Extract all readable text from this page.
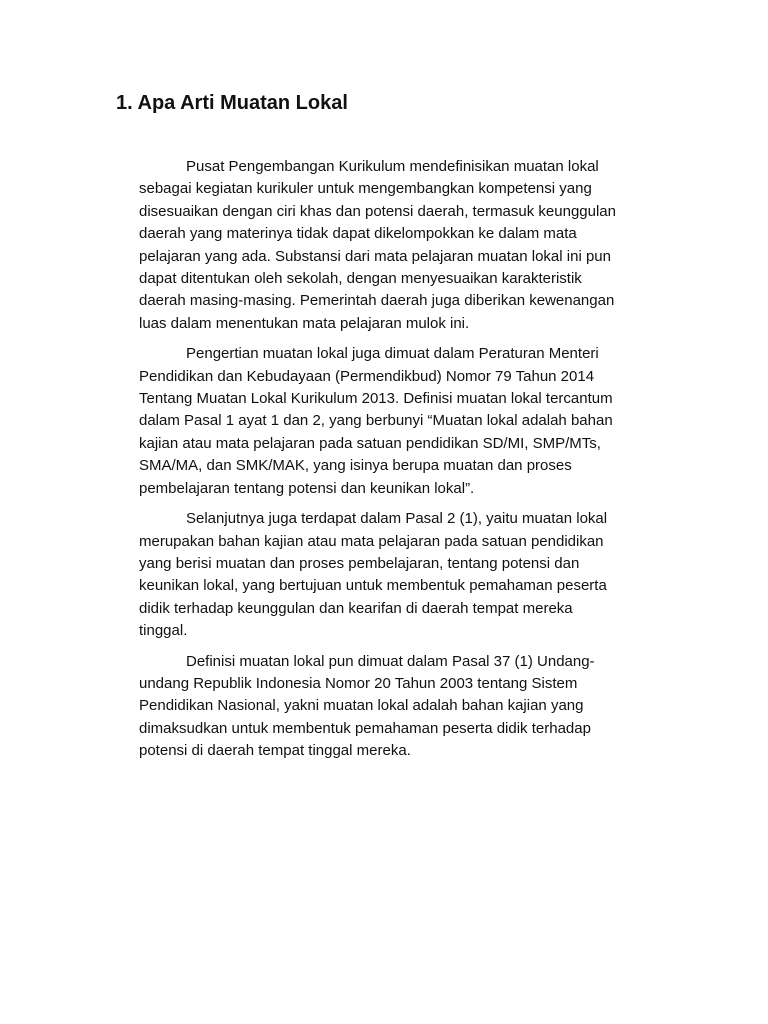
1. Apa Arti Muatan Lokal

Pusat Pengembangan Kurikulum mendefinisikan muatan lokal
sebagai kegiatan kurikuler untuk mengembangkan kompetensi yang
disesuaikan dengan ciri khas dan potensi daerah, termasuk keunggulan
daerah yang materinya tidak dapat dikelompokkan ke dalam mata
pelajaran yang ada. Substansi dari mata pelajaran muatan lokal ini pun
dapat ditentukan oleh sekolah, dengan menyesuaikan karakteristik
daerah masing-masing. Pemerintah daerah juga diberikan kewenangan
luas dalam menentukan mata pelajaran mulok ini.

Pengertian muatan lokal juga dimuat dalam Peraturan Menteri
Pendidikan dan Kebudayaan (Permendikbud) Nomor 79 Tahun 2014
Tentang Muatan Lokal Kurikulum 2013. Definisi muatan lokal tercantum
dalam Pasal 1 ayat 1 dan 2, yang berbunyi “Muatan lokal adalah bahan
kajian atau mata pelajaran pada satuan pendidikan SD/MI, SMP/MTs,
SMA/MA, dan SMK/MAK, yang isinya berupa muatan dan proses
pembelajaran tentang potensi dan keunikan lokal”.

Selanjutnya juga terdapat dalam Pasal 2 (1), yaitu muatan lokal
merupakan bahan kajian atau mata pelajaran pada satuan pendidikan
yang berisi muatan dan proses pembelajaran, tentang potensi dan
keunikan lokal, yang bertujuan untuk membentuk pemahaman peserta
didik terhadap keunggulan dan kearifan di daerah tempat mereka
tinggal.

Definisi muatan lokal pun dimuat dalam Pasal 37 (1) Undang-
undang Republik Indonesia Nomor 20 Tahun 2003 tentang Sistem
Pendidikan Nasional, yakni muatan lokal adalah bahan kajian yang
dimaksudkan untuk membentuk pemahaman peserta didik terhadap
potensi di daerah tempat tinggal mereka.
